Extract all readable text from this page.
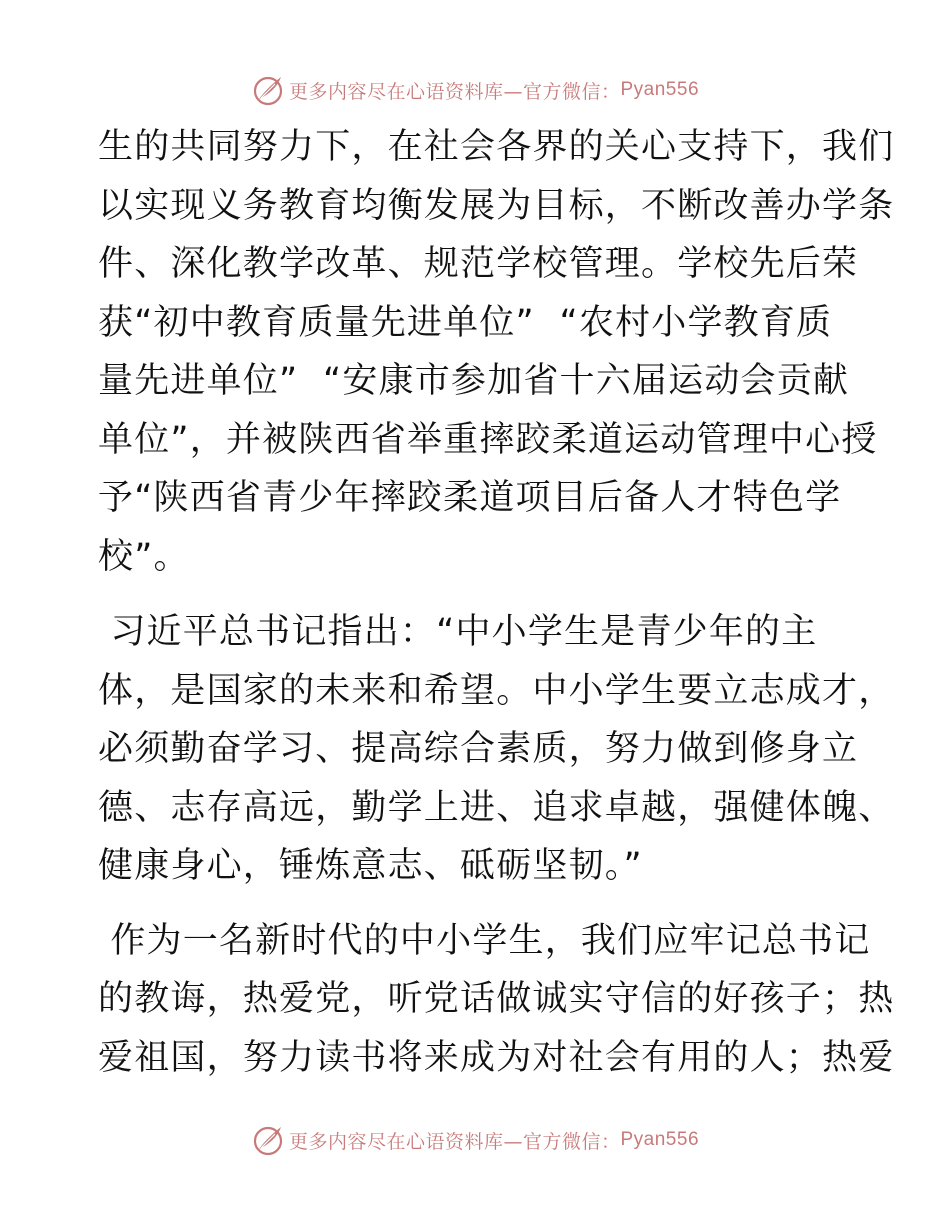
更多内容尽在心语资料库—官方微信： Pyan556
生的共同努力下，在社会各界的关心支持下，我们
以实现义务教育均衡发展为目标，不断改善办学条
件、深化教学改革、规范学校管理。学校先后荣
获“初中教育质量先进单位”  “农村小学教育质
量先进单位”  “安康市参加省十六届运动会贡献
单位”，并被陕西省举重摔跤柔道运动管理中心授
予“陕西省青少年摔跤柔道项目后备人才特色学
校”。
习近平总书记指出：“中小学生是青少年的主
体，是国家的未来和希望。中小学生要立志成才，
必须勤奋学习、提高综合素质，努力做到修身立
德、志存高远，勤学上进、追求卓越，强健体魄、
健康身心，锤炼意志、砥砺坚韧。”
作为一名新时代的中小学生，我们应牢记总书记
的教诲，热爱党，听党话做诚实守信的好孩子；热
爱祖国，努力读书将来成为对社会有用的人；热爱
更多内容尽在心语资料库—官方微信： Pyan556
